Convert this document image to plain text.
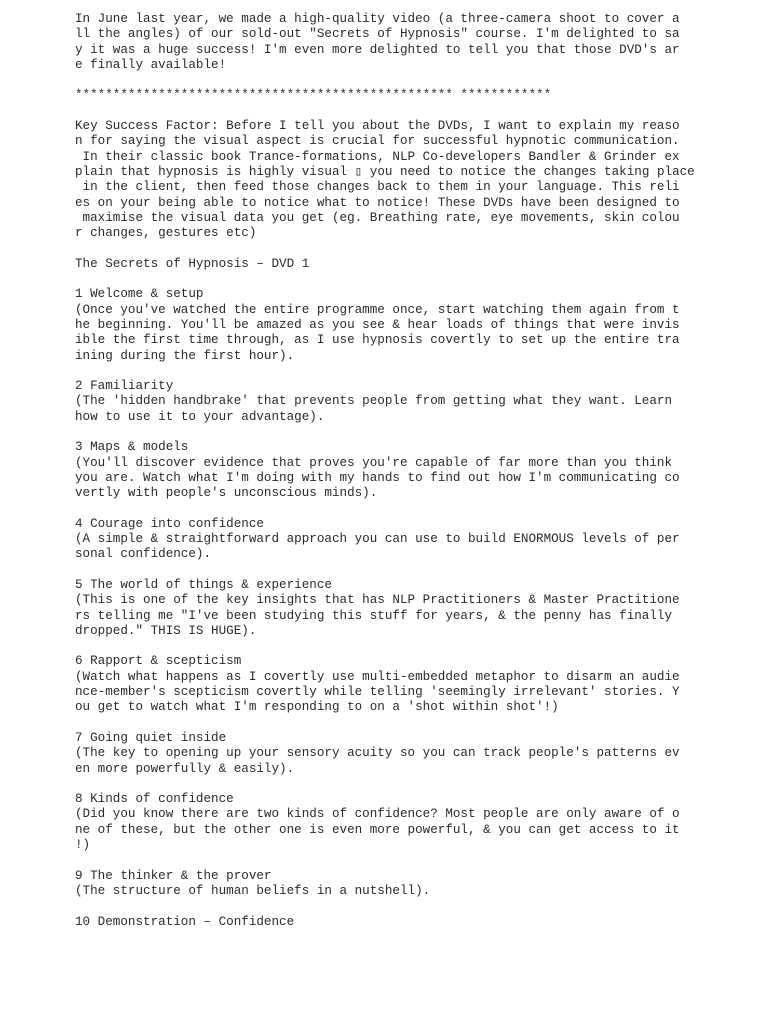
In June last year, we made a high-quality video (a three-camera shoot to cover a
ll the angles) of our sold-out "Secrets of Hypnosis" course. I'm delighted to sa
y it was a huge success! I'm even more delighted to tell you that those DVD's ar
e finally available!
************************************************** ************
Key Success Factor: Before I tell you about the DVDs, I want to explain my reaso
n for saying the visual aspect is crucial for successful hypnotic communication.
In their classic book Trance-formations, NLP Co-developers Bandler & Grinder ex
plain that hypnosis is highly visual ▯ you need to notice the changes taking place
in the client, then feed those changes back to them in your language. This reli
es on your being able to notice what to notice! These DVDs have been designed to
maximise the visual data you get (eg. Breathing rate, eye movements, skin colou
r changes, gestures etc)
The Secrets of Hypnosis – DVD 1
1 Welcome & setup
(Once you've watched the entire programme once, start watching them again from t
he beginning. You'll be amazed as you see & hear loads of things that were invis
ible the first time through, as I use hypnosis covertly to set up the entire tra
ining during the first hour).
2 Familiarity
(The 'hidden handbrake' that prevents people from getting what they want. Learn
how to use it to your advantage).
3 Maps & models
(You'll discover evidence that proves you're capable of far more than you think
you are. Watch what I'm doing with my hands to find out how I'm communicating co
vertly with people's unconscious minds).
4 Courage into confidence
(A simple & straightforward approach you can use to build ENORMOUS levels of per
sonal confidence).
5 The world of things & experience
(This is one of the key insights that has NLP Practitioners & Master Practitione
rs telling me "I've been studying this stuff for years, & the penny has finally
dropped." THIS IS HUGE).
6 Rapport & scepticism
(Watch what happens as I covertly use multi-embedded metaphor to disarm an audie
nce-member's scepticism covertly while telling 'seemingly irrelevant' stories. Y
ou get to watch what I'm responding to on a 'shot within shot'!)
7 Going quiet inside
(The key to opening up your sensory acuity so you can track people's patterns ev
en more powerfully & easily).
8 Kinds of confidence
(Did you know there are two kinds of confidence? Most people are only aware of o
ne of these, but the other one is even more powerful, & you can get access to it
!)
9 The thinker & the prover
(The structure of human beliefs in a nutshell).
10 Demonstration – Confidence
